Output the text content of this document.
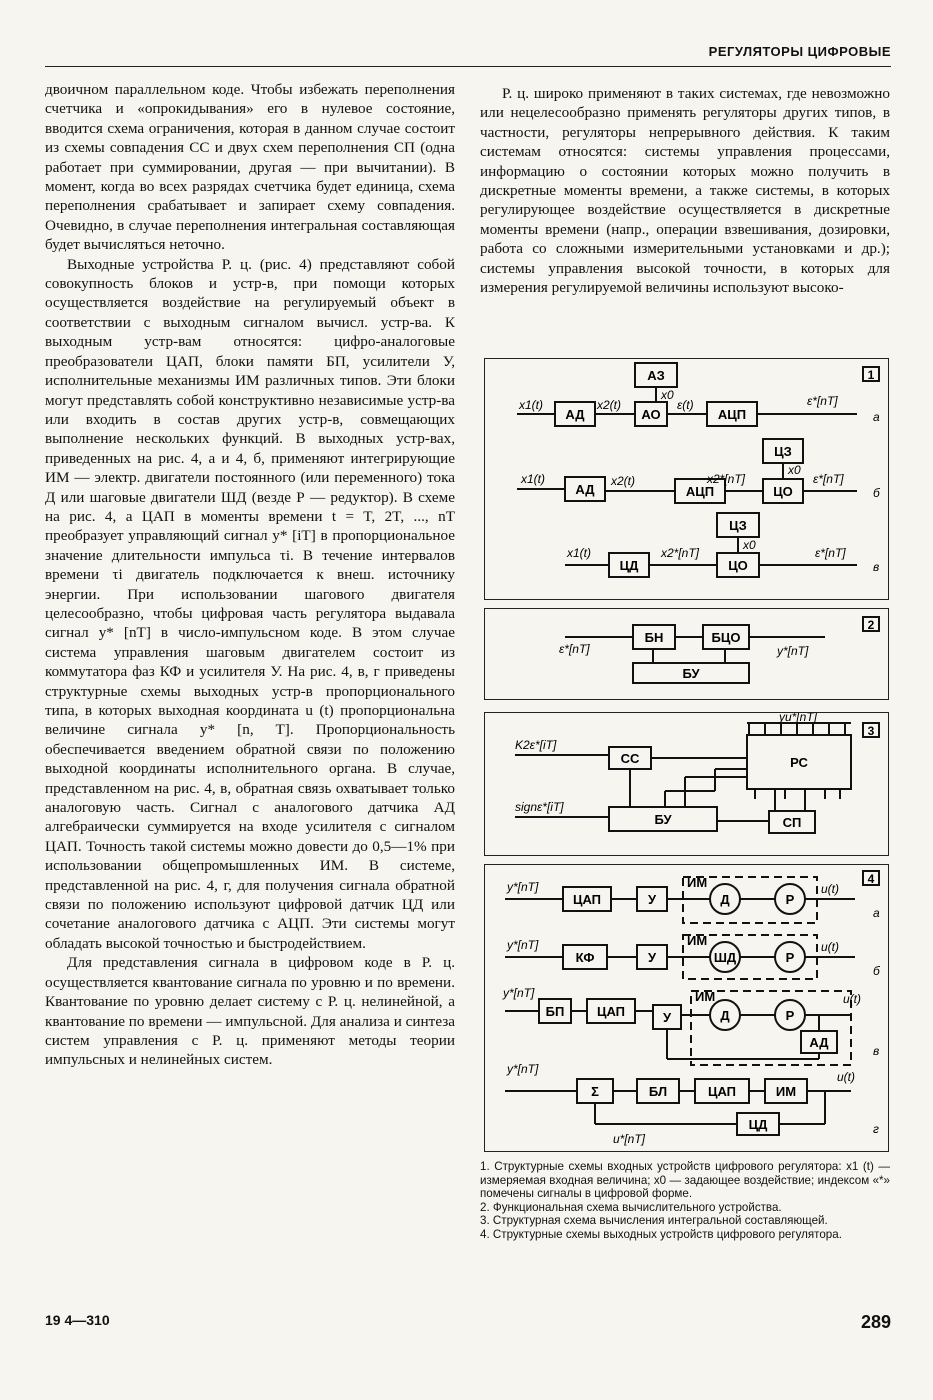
РЕГУЛЯТОРЫ ЦИФРОВЫЕ

двоичном параллельном коде. Чтобы избежать переполнения счетчика и «опрокидывания» его в нулевое состояние, вводится схема ограничения, которая в данном случае состоит из схемы совпадения СС и двух схем переполнения СП (одна работает при суммировании, другая — при вычитании). В момент, когда во всех разрядах счетчика будет единица, схема переполнения срабатывает и запирает схему совпадения. Очевидно, в случае переполнения интегральная составляющая будет вычисляться неточно.

Выходные устройства Р. ц. (рис. 4) представляют собой совокупность блоков и устр-в, при помощи которых осуществляется воздействие на регулируемый объект в соответствии с выходным сигналом вычисл. устр-ва. К выходным устр-вам относятся: цифро-аналоговые преобразователи ЦАП, блоки памяти БП, усилители У, исполнительные механизмы ИМ различных типов. Эти блоки могут представлять собой конструктивно независимые устр-ва или входить в состав других устр-в, совмещающих выполнение нескольких функций. В выходных устр-вах, приведенных на рис. 4, а и 4, б, применяют интегрирующие ИМ — электр. двигатели постоянного (или переменного) тока Д или шаговые двигатели ШД (везде Р — редуктор). В схеме на рис. 4, а ЦАП в моменты времени t = T, 2T, ..., nT преобразует управляющий сигнал y* [iT] в пропорциональное значение длительности импульса τi. В течение интервалов времени τi двигатель подключается к внеш. источнику энергии. При использовании шагового двигателя целесообразно, чтобы цифровая часть регулятора выдавала сигнал y* [nT] в число-импульсном коде. В этом случае система управления шаговым двигателем состоит из коммутатора фаз КФ и усилителя У. На рис. 4, в, г приведены структурные схемы выходных устр-в пропорционального типа, в которых выходная координата u (t) пропорциональна величине сигнала y* [n, T]. Пропорциональность обеспечивается введением обратной связи по положению выходной координаты исполнительного органа. В случае, представленном на рис. 4, в, обратная связь охватывает только аналоговую часть. Сигнал с аналогового датчика АД алгебраически суммируется на входе усилителя с сигналом ЦАП. Точность такой системы можно довести до 0,5—1% при использовании общепромышленных ИМ. В системе, представленной на рис. 4, г, для получения сигнала обратной связи по положению используют цифровой датчик ЦД или сочетание аналогового датчика с АЦП. Эти системы могут обладать высокой точностью и быстродействием.

Для представления сигнала в цифровом коде в Р. ц. осуществляется квантование сигнала по уровню и по времени. Квантование по уровню делает систему с Р. ц. нелинейной, а квантование по времени — импульсной. Для анализа и синтеза систем управления с Р. ц. применяют методы теории импульсных и нелинейных систем.

Р. ц. широко применяют в таких системах, где невозможно или нецелесообразно применять регуляторы других типов, в частности, регуляторы непрерывного действия. К таким системам относятся: системы управления процессами, информацию о состоянии которых можно получить в дискретные моменты времени, а также системы, в которых регулирующее воздействие осуществляется в дискретные моменты времени (напр., операции взвешивания, дозировки, работа со сложными измерительными установками и др.); системы управления высокой точности, в которых для измерения регулируемой величины используют высоко-

1
АЗ
АД	АО	АЦП
x1(t)	x2(t)
x0
ε(t)	ε*[nT]
а
ЦЗ
АД	АЦП	ЦО
x1(t)	x2(t)	x2*[nT]
x0
ε*[nT]
б
ЦЗ
ЦД	ЦО
x1(t)	x2*[nT]
x0
ε*[nT]
в
2
БН	БЦО
БУ
ε*[nT]	y*[nT]
3
СС	РС
БУ	СП
K2ε*[iT]
signε*[iT]
yи*[nT]
4
ЦАП	У	Д	Р
ИМ
y*[nT]	u(t)
а
КФ	У	ШД	Р
ИМ
y*[nT]	u(t)
б
БП	ЦАП	У	Д	Р
АД
ИМ
y*[nT]	u(t)
в
Σ	БЛ	ЦАП	ИМ
ЦД
y*[nT]
u(t)
u*[nT]
г

1. Структурные схемы входных устройств цифрового регулятора: x1 (t) — измеряемая входная величина; x0 — задающее воздействие; индексом «*» помечены сигналы в цифровой форме.

2. Функциональная схема вычислительного устройства.

3. Структурная схема вычисления интегральной составляющей.

4. Структурные схемы выходных устройств цифрового регулятора.

19 4—310	289
